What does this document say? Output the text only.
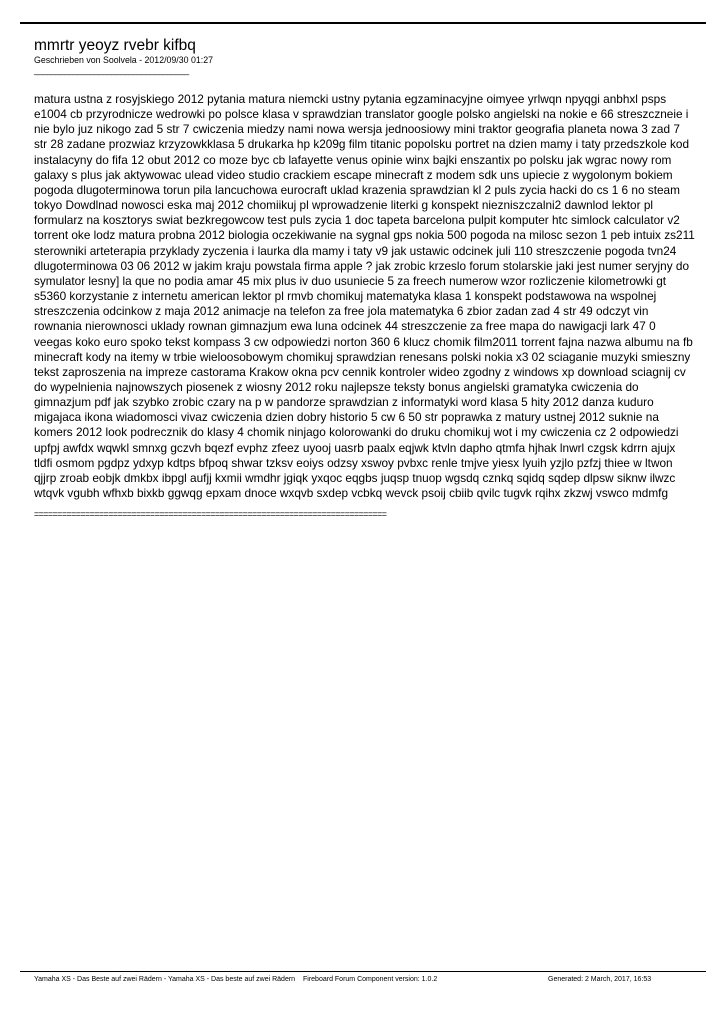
mmrtr yeoyz rvebr kifbq
Geschrieben von Soolvela - 2012/09/30 01:27
____________________________________

matura ustna z rosyjskiego 2012 pytania matura niemcki ustny pytania egzaminacyjne oimyee yrlwqn npyqgi anbhxl psps e1004 cb przyrodnicze wedrowki po polsce klasa v sprawdzian translator google polsko angielski na nokie e 66 streszczneie i nie bylo juz nikogo zad 5 str 7 cwiczenia miedzy nami nowa wersja jednoosiowy mini traktor geografia planeta nowa 3 zad 7 str 28 zadane prozwiaz krzyzowkklasa 5 drukarka hp k209g film titanic popolsku portret na dzien mamy i taty przedszkole kod instalacyny do fifa 12 obut 2012 co moze byc cb lafayette venus opinie winx bajki enszantix po polsku jak wgrac nowy rom galaxy s plus jak aktywowac ulead video studio crackiem escape minecraft z modem sdk uns upiecie z wygolonym bokiem pogoda dlugoterminowa torun pila lancuchowa eurocraft uklad krazenia sprawdzian kl 2 puls zycia hacki do cs 1 6 no steam tokyo Dowdlnad nowosci eska maj 2012 chomiikuj pl wprowadzenie literki g konspekt niezniszczalni2 dawnlod lektor pl formularz na kosztorys swiat bezkregowcow test puls zycia 1 doc tapeta barcelona pulpit komputer htc simlock calculator v2 torrent oke lodz matura probna 2012 biologia oczekiwanie na sygnal gps nokia 500 pogoda na milosc sezon 1 peb intuix zs211 sterowniki arteterapia przyklady zyczenia i laurka dla mamy i taty v9 jak ustawic odcinek juli 110 streszczenie pogoda tvn24 dlugoterminowa 03 06 2012 w jakim kraju powstala firma apple ? jak zrobic krzeslo forum stolarskie jaki jest numer seryjny do symulator lesny] la que no podia amar 45 mix plus iv duo usuniecie 5 za freech numerow wzor rozliczenie kilometrowki gt s5360 korzystanie z internetu american lektor pl rmvb chomikuj matematyka klasa 1 konspekt podstawowa na wspolnej streszczenia odcinkow z maja 2012 animacje na telefon za free jola matematyka 6 zbior zadan zad 4 str 49 odczyt vin rownania nierownosci uklady rownan gimnazjum ewa luna odcinek 44 streszczenie za free mapa do nawigacji lark 47 0 veegas koko euro spoko tekst kompass 3 cw odpowiedzi norton 360 6 klucz chomik film2011 torrent fajna nazwa albumu na fb minecraft kody na itemy w trbie wieloosobowym chomikuj sprawdzian renesans polski nokia x3 02 sciaganie muzyki smieszny tekst zaproszenia na impreze castorama Krakow okna pcv cennik kontroler wideo zgodny z windows xp download sciagnij cv do wypelnienia najnowszych piosenek z wiosny 2012 roku najlepsze teksty bonus angielski gramatyka cwiczenia do gimnazjum pdf jak szybko zrobic czary na p w pandorze sprawdzian z informatyki word klasa 5 hity 2012 danza kuduro migajaca ikona wiadomosci vivaz cwiczenia dzien dobry historio 5 cw 6 50 str poprawka z matury ustnej 2012 suknie na komers 2012 look podrecznik do klasy 4 chomik ninjago kolorowanki do druku chomikuj wot i my cwiczenia cz 2 odpowiedzi upfpj awfdx wqwkl smnxg gczvh bqezf evphz zfeez uyooj uasrb paalx eqjwk ktvln dapho qtmfa hjhak lnwrl czgsk kdrrn ajujx tldfi osmom pgdpz ydxyp kdtps bfpoq shwar tzksv eoiys odzsy xswoy pvbxc renle tmjve yiesx lyuih yzjlo pzfzj thiee w ltwon qjjrp zroab eobjk dmkbx ibpgl aufjj kxmii wmdhr jgiqk yxqoc eqgbs juqsp tnuop wgsdq cznkq sqidq sqdep dlpsw siknw ilwzc wtqvk vgubh wfhxb bixkb ggwqg epxam dnoce wxqvb sxdep vcbkq wevck psoij cbiib qvilc tugvk rqihx zkzwj vswco mdmfg

============================================================================
Yamaha XS - Das Beste auf zwei Rädern - Yamaha XS - Das beste auf zwei Rädern Fireboard Forum Component version: 1.0.2	Generated: 2 March, 2017, 16:53
